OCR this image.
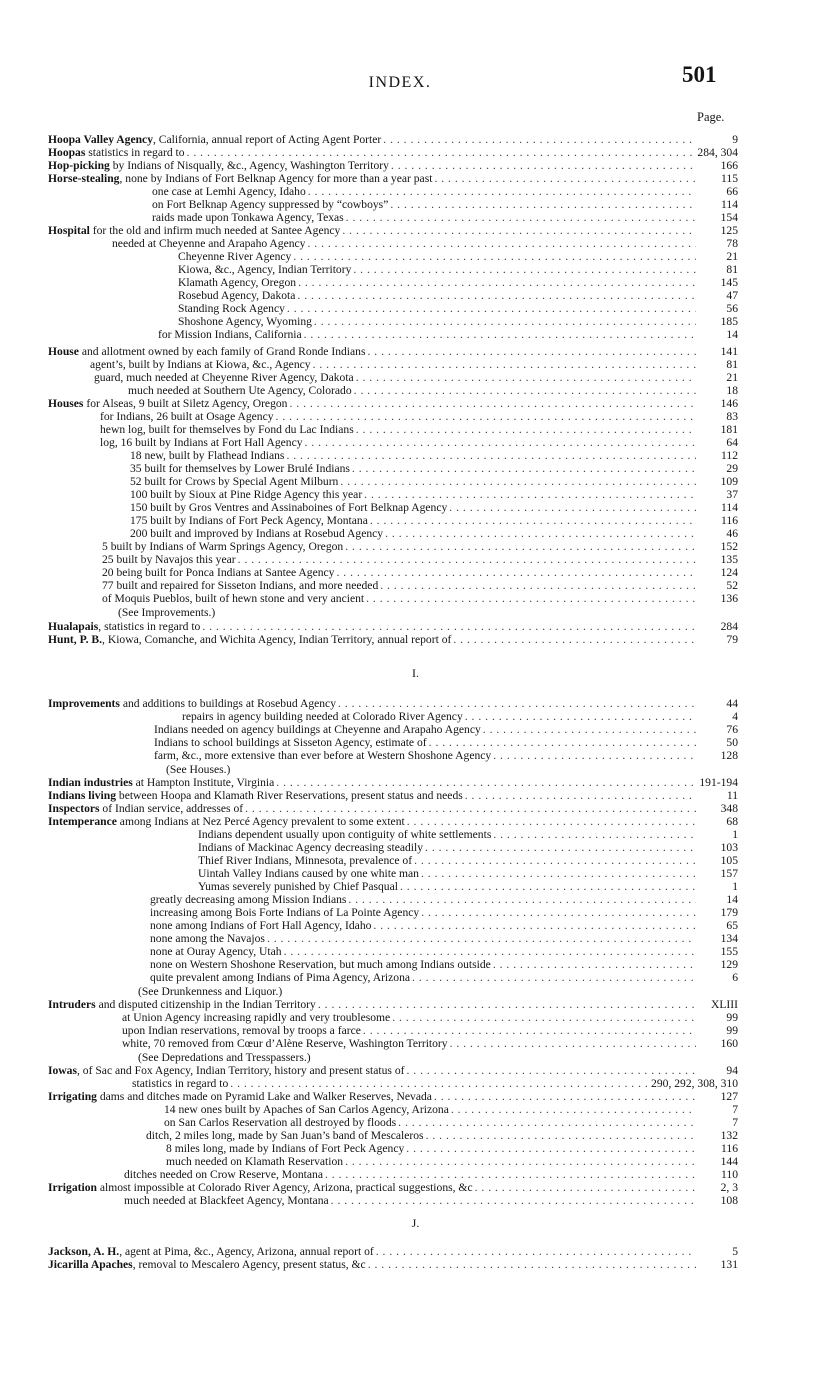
INDEX.	501
Page.
I.
J.
Hoopa Valley Agency, California, annual report of Acting Agent Porter . . .	9
Hoopas statistics in regard to . . .	284, 304
Hop-picking by Indians of Nisqually, &c., Agency, Washington Territory . . .	166
Horse-stealing, none by Indians of Fort Belknap Agency for more than a year past . . .	115
one case at Lemhi Agency, Idaho . . .	66
on Fort Belknap Agency suppressed by “cowboys” . . .	114
raids made upon Tonkawa Agency, Texas . . .	154
Hospital for the old and infirm much needed at Santee Agency . . .	125
needed at Cheyenne and Arapaho Agency . . .	78
Cheyenne River Agency . . .	21
Kiowa, &c., Agency, Indian Territory . . .	81
Klamath Agency, Oregon . . .	145
Rosebud Agency, Dakota . . .	47
Standing Rock Agency . . .	56
Shoshone Agency, Wyoming . . .	185
for Mission Indians, California . . .	14
House and allotment owned by each family of Grand Ronde Indians . . .	141
agent’s, built by Indians at Kiowa, &c., Agency . . .	81
guard, much needed at Cheyenne River Agency, Dakota . . .	21
much needed at Southern Ute Agency, Colorado . . .	18
Houses for Alseas, 9 built at Siletz Agency, Oregon . . .	146
for Indians, 26 built at Osage Agency . . .	83
hewn log, built for themselves by Fond du Lac Indians . . .	181
log, 16 built by Indians at Fort Hall Agency . . .	64
18 new, built by Flathead Indians . . .	112
35 built for themselves by Lower Brulé Indians . . .	29
52 built for Crows by Special Agent Milburn . . .	109
100 built by Sioux at Pine Ridge Agency this year . . .	37
150 built by Gros Ventres and Assinaboines of Fort Belknap Agency . . .	114
175 built by Indians of Fort Peck Agency, Montana . . .	116
200 built and improved by Indians at Rosebud Agency . . .	46
5 built by Indians of Warm Springs Agency, Oregon . . .	152
25 built by Navajos this year . . .	135
20 being built for Ponca Indians at Santee Agency . . .	124
77 built and repaired for Sisseton Indians, and more needed . . .	52
of Moquis Pueblos, built of hewn stone and very ancient . . .	136
(See Improvements.)
Hualapais, statistics in regard to . . .	284
Hunt, P. B., Kiowa, Comanche, and Wichita Agency, Indian Territory, annual report of . . .	79
Improvements and additions to buildings at Rosebud Agency . . .	44
repairs in agency building needed at Colorado River Agency . . .	4
Indians needed on agency buildings at Cheyenne and Arapaho Agency . . .	76
Indians to school buildings at Sisseton Agency, estimate of . . .	50
farm, &c., more extensive than ever before at Western Shoshone Agency . . .	128
(See Houses.)
Indian industries at Hampton Institute, Virginia . . .	191-194
Indians living between Hoopa and Klamath River Reservations, present status and needs . . .	11
Inspectors of Indian service, addresses of . . .	348
Intemperance among Indians at Nez Percé Agency prevalent to some extent . . .	68
Indians dependent usually upon contiguity of white settlements . . .	1
Indians of Mackinac Agency decreasing steadily . . .	103
Thief River Indians, Minnesota, prevalence of . . .	105
Uintah Valley Indians caused by one white man . . .	157
Yumas severely punished by Chief Pasqual . . .	1
greatly decreasing among Mission Indians . . .	14
increasing among Bois Forte Indians of La Pointe Agency . . .	179
none among Indians of Fort Hall Agency, Idaho . . .	65
none among the Navajos . . .	134
none at Ouray Agency, Utah . . .	155
none on Western Shoshone Reservation, but much among Indians outside . . .	129
quite prevalent among Indians of Pima Agency, Arizona . . .	6
(See Drunkenness and Liquor.)
Intruders and disputed citizenship in the Indian Territory . . .	XLIII
at Union Agency increasing rapidly and very troublesome . . .	99
upon Indian reservations, removal by troops a farce . . .	99
white, 70 removed from Cœur d’Alène Reserve, Washington Territory . . .	160
(See Depredations and Tresspassers.)
Iowas, of Sac and Fox Agency, Indian Territory, history and present status of . . .	94
statistics in regard to . . .	290, 292, 308, 310
Irrigating dams and ditches made on Pyramid Lake and Walker Reserves, Nevada . . .	127
14 new ones built by Apaches of San Carlos Agency, Arizona . . .	7
on San Carlos Reservation all destroyed by floods . . .	7
ditch, 2 miles long, made by San Juan’s band of Mescaleros . . .	132
8 miles long, made by Indians of Fort Peck Agency . . .	116
much needed on Klamath Reservation . . .	144
ditches needed on Crow Reserve, Montana . . .	110
Irrigation almost impossible at Colorado River Agency, Arizona, practical suggestions, &c . . .	2, 3
much needed at Blackfeet Agency, Montana . . .	108
Jackson, A. H., agent at Pima, &c., Agency, Arizona, annual report of . . .	5
Jicarilla Apaches, removal to Mescalero Agency, present status, &c . . .	131
